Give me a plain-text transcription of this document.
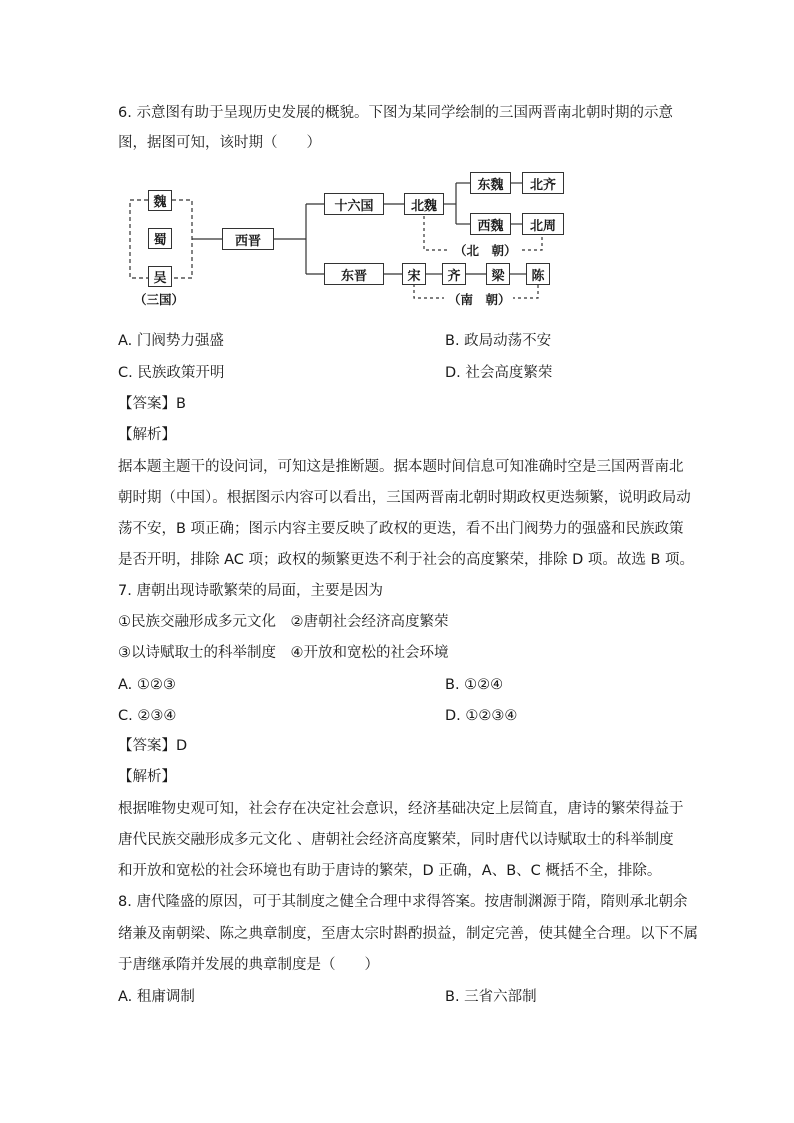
6. 示意图有助于呈现历史发展的概貌。下图为某同学绘制的三国两晋南北朝时期的示意
图，据图可知，该时期（　　）
魏
蜀
吴
（三国）
西晋
十六国	北魏
东魏	北齐
西魏	北周
（北　朝）
东晋	宋	齐	梁	陈
（南　朝）
A. 门阀势力强盛	B. 政局动荡不安
C. 民族政策开明	D. 社会高度繁荣
【答案】B
【解析】
据本题主题干的设问词，可知这是推断题。据本题时间信息可知准确时空是三国两晋南北
朝时期（中国）。根据图示内容可以看出，三国两晋南北朝时期政权更迭频繁，说明政局动
荡不安，B 项正确；图示内容主要反映了政权的更迭，看不出门阀势力的强盛和民族政策
是否开明，排除 AC 项；政权的频繁更迭不利于社会的高度繁荣，排除 D 项。故选 B 项。
7. 唐朝出现诗歌繁荣的局面，主要是因为
①民族交融形成多元文化　②唐朝社会经济高度繁荣
③以诗赋取士的科举制度　④开放和宽松的社会环境
A. ①②③	B. ①②④
C. ②③④	D. ①②③④
【答案】D
【解析】
根据唯物史观可知，社会存在决定社会意识，经济基础决定上层简直，唐诗的繁荣得益于
唐代民族交融形成多元文化 、唐朝社会经济高度繁荣，同时唐代以诗赋取士的科举制度
和开放和宽松的社会环境也有助于唐诗的繁荣，D 正确，A、B、C 概括不全，排除。
8. 唐代隆盛的原因，可于其制度之健全合理中求得答案。按唐制渊源于隋，隋则承北朝余
绪兼及南朝梁、陈之典章制度，至唐太宗时斟酌损益，制定完善，使其健全合理。以下不属
于唐继承隋并发展的典章制度是（　　）
A. 租庸调制	B. 三省六部制
